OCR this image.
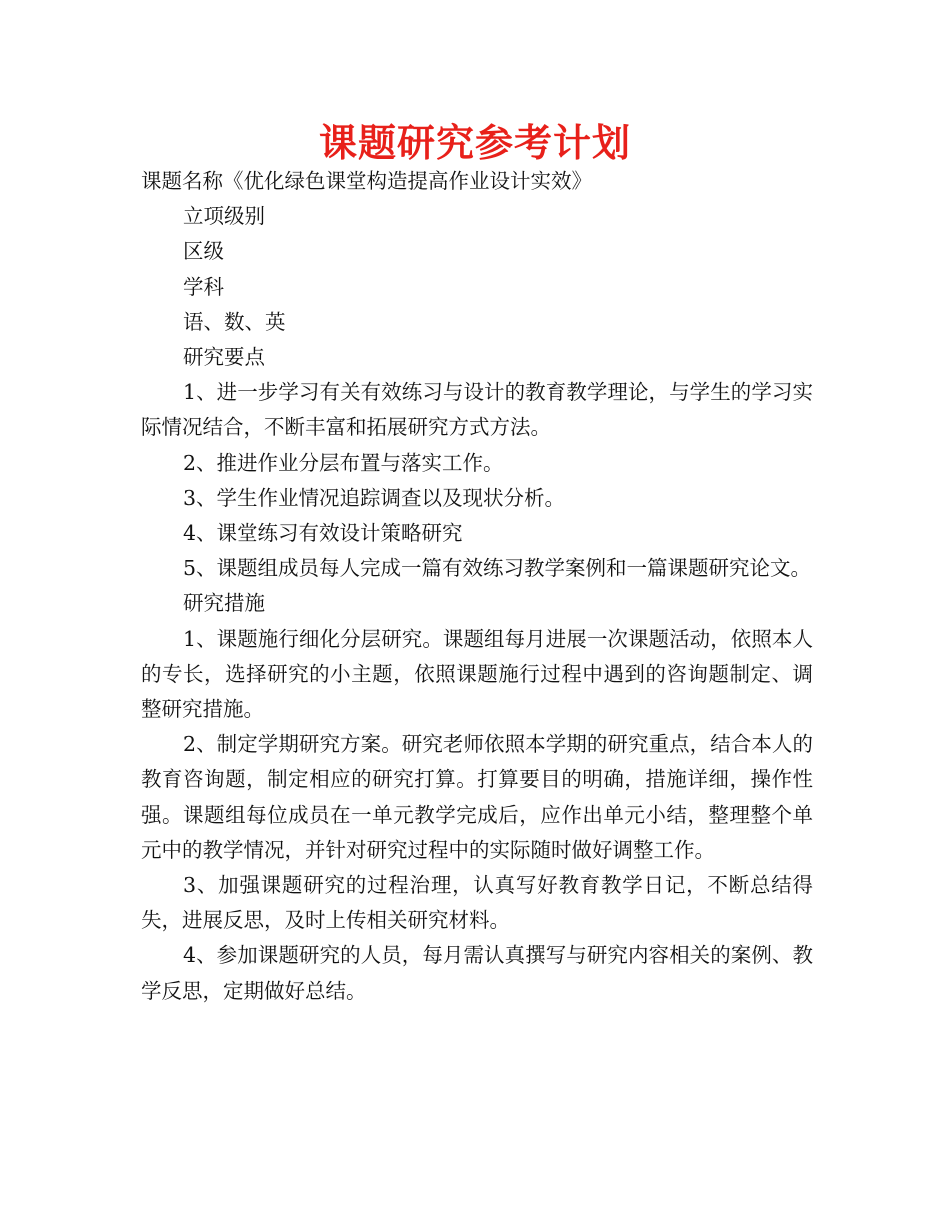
课题研究参考计划

课题名称《优化绿色课堂构造提高作业设计实效》

立项级别

区级

学科

语、数、英

研究要点

1、进一步学习有关有效练习与设计的教育教学理论，与学生的学习实际情况结合，不断丰富和拓展研究方式方法。

2、推进作业分层布置与落实工作。

3、学生作业情况追踪调查以及现状分析。

4、课堂练习有效设计策略研究

5、课题组成员每人完成一篇有效练习教学案例和一篇课题研究论文。

研究措施

1、课题施行细化分层研究。课题组每月进展一次课题活动，依照本人的专长，选择研究的小主题，依照课题施行过程中遇到的咨询题制定、调整研究措施。

2、制定学期研究方案。研究老师依照本学期的研究重点，结合本人的教育咨询题，制定相应的研究打算。打算要目的明确，措施详细，操作性强。课题组每位成员在一单元教学完成后，应作出单元小结，整理整个单元中的教学情况，并针对研究过程中的实际随时做好调整工作。

3、加强课题研究的过程治理，认真写好教育教学日记，不断总结得失，进展反思，及时上传相关研究材料。

4、参加课题研究的人员，每月需认真撰写与研究内容相关的案例、教学反思，定期做好总结。
